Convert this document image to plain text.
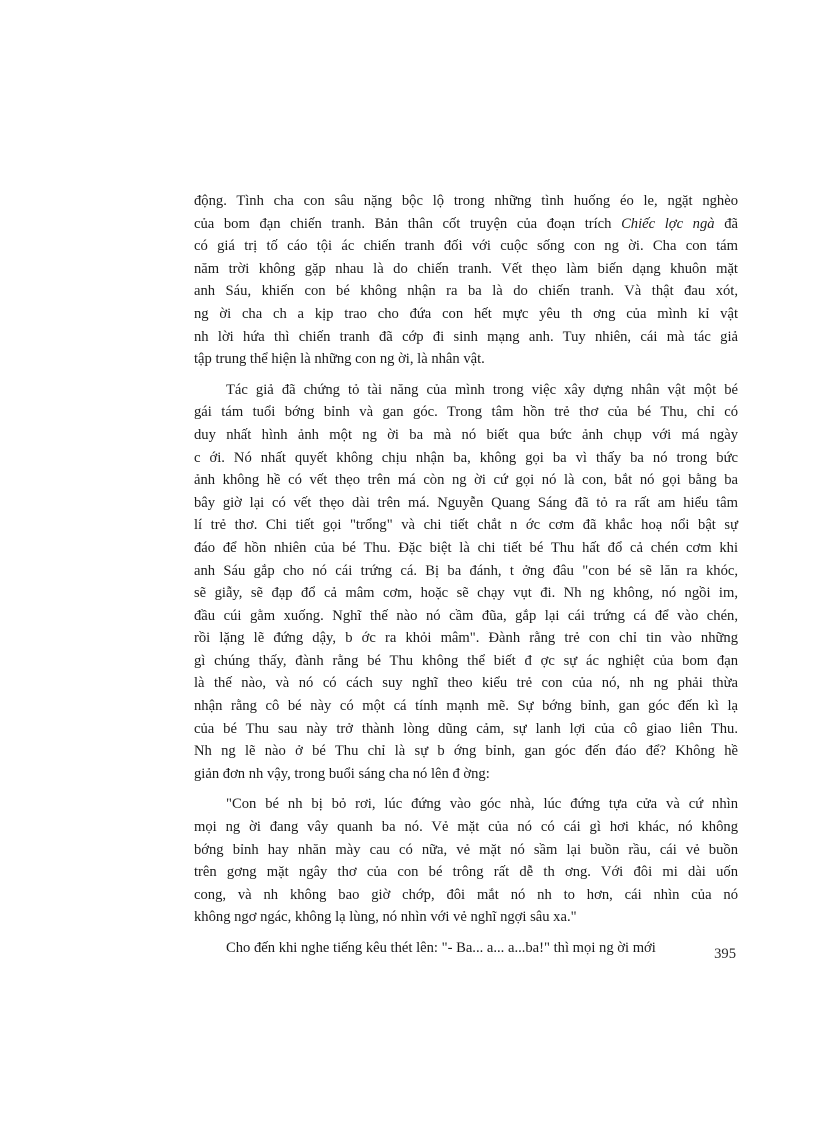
động. Tình cha con sâu nặng bộc lộ trong những tình huống éo le, ngặt nghèo
của bom đạn chiến tranh. Bản thân cốt truyện của đoạn trích Chiếc lợc ngà đã
có giá trị tố cáo tội ác chiến tranh đối với cuộc sống con ng ời. Cha con tám
năm trời không gặp nhau là do chiến tranh. Vết thẹo làm biến dạng khuôn mặt
anh Sáu, khiến con bé không nhận ra ba là do chiến tranh. Và thật đau xót,
ng ời cha ch a kịp trao cho đứa con hết mực yêu th ơng của mình kỉ vật
nh lời hứa thì chiến tranh đã cớp đi sinh mạng anh. Tuy nhiên, cái mà tác giả
tập trung thể hiện là những con ng ời, là nhân vật.

Tác giả đã chứng tỏ tài năng của mình trong việc xây dựng nhân vật một bé
gái tám tuổi bớng bỉnh và gan góc. Trong tâm hồn trẻ thơ của bé Thu, chỉ có
duy nhất hình ảnh một ng ời ba mà nó biết qua bức ảnh chụp với má ngày
c ới. Nó nhất quyết không chịu nhận ba, không gọi ba vì thấy ba nó trong bức
ảnh không hề có vết thẹo trên má còn ng ời cứ gọi nó là con, bắt nó gọi bằng ba
bây giờ lại có vết thẹo dài trên má. Nguyễn Quang Sáng đã tỏ ra rất am hiểu tâm
lí trẻ thơ. Chi tiết gọi "trổng" và chi tiết chắt n ớc cơm đã khắc hoạ nổi bật sự
đáo để hồn nhiên của bé Thu. Đặc biệt là chi tiết bé Thu hất đổ cả chén cơm khi
anh Sáu gắp cho nó cái trứng cá. Bị ba đánh, t ởng đâu "con bé sẽ lăn ra khóc,
sẽ giẫy, sẽ đạp đổ cả mâm cơm, hoặc sẽ chạy vụt đi. Nh ng không, nó ngồi im,
đầu cúi gằm xuống. Nghĩ thế nào nó cầm đũa, gắp lại cái trứng cá để vào chén,
rồi lặng lẽ đứng dậy, b ớc ra khỏi mâm". Đành rằng trẻ con chỉ tin vào những
gì chúng thấy, đành rằng bé Thu không thể biết đ ợc sự ác nghiệt của bom đạn
là thế nào, và nó có cách suy nghĩ theo kiểu trẻ con của nó, nh ng phải thừa
nhận rằng cô bé này có một cá tính mạnh mẽ. Sự bớng bỉnh, gan góc đến kì lạ
của bé Thu sau này trở thành lòng dũng cảm, sự lanh lợi của cô giao liên Thu.
Nh ng lẽ nào ở bé Thu chỉ là sự b ớng bỉnh, gan góc đến đáo để? Không hề
giản đơn nh vậy, trong buổi sáng cha nó lên đ ờng:

"Con bé nh bị bỏ rơi, lúc đứng vào góc nhà, lúc đứng tựa cửa và cứ nhìn
mọi ng ời đang vây quanh ba nó. Vẻ mặt của nó có cái gì hơi khác, nó không
bớng bỉnh hay nhăn mày cau có nữa, vẻ mặt nó sầm lại buồn rầu, cái vẻ buồn
trên gơng mặt ngây thơ của con bé trông rất dễ th ơng. Với đôi mi dài uốn
cong, và nh không bao giờ chớp, đôi mắt nó nh to hơn, cái nhìn của nó
không ngơ ngác, không lạ lùng, nó nhìn với vẻ nghĩ ngợi sâu xa."

Cho đến khi nghe tiếng kêu thét lên: "- Ba... a... a...ba!" thì mọi ng ời mới	395
